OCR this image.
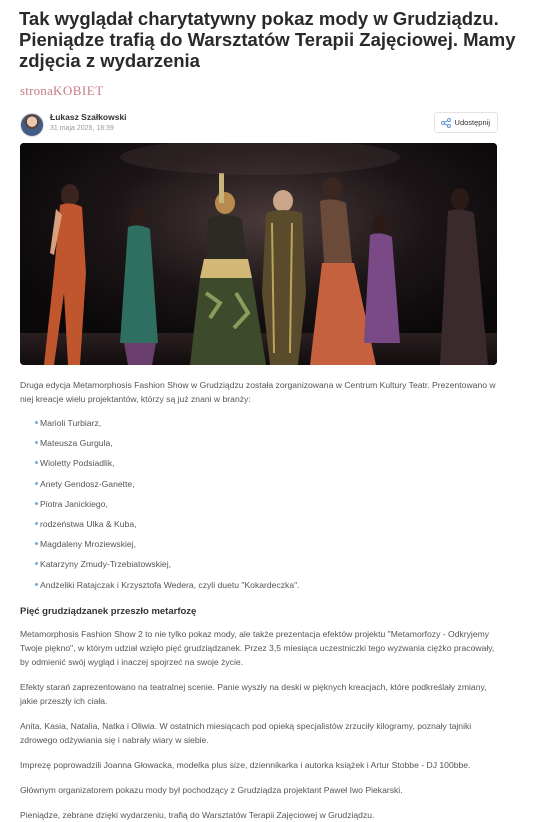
Tak wyglądał charytatywny pokaz mody w Grudziądzu. Pieniądze trafią do Warsztatów Terapii Zajęciowej. Mamy zdjęcia z wydarzenia
stronaKOBIET
Łukasz Szałkowski
31 maja 2025, 18:39
Udostępnij

Druga edycja Metamorphosis Fashion Show w Grudziądzu została zorganizowana w Centrum Kultury Teatr. Prezentowano w niej kreacje wielu projektantów, którzy są już znani w branży:

Marioli Turbiarz,
Mateusza Gurgula,
Wioletty Podsiadlik,
Anety Gendosz-Ganette,
Piotra Janickiego,
rodzeństwa Ulka & Kuba,
Magdaleny Mroziewskiej,
Katarzyny Zmudy-Trzebiatowskiej,
Andżeliki Ratajczak i Krzysztofa Wedera, czyli duetu "Kokardeczka".
Pięć grudziądzanek przeszło metarfozę

Metamorphosis Fashion Show 2 to nie tylko pokaz mody, ale także prezentacja efektów projektu "Metamorfozy - Odkryjemy Twoje piękno", w którym udział wzięło pięć grudziądzanek. Przez 3,5 miesiąca uczestniczki tego wyzwania ciężko pracowały, by odmienić swój wygląd i inaczej spojrzeć na swoje życie.

Efekty starań zaprezentowano na teatralnej scenie. Panie wyszły na deski w pięknych kreacjach, które podkreślały zmiany, jakie przeszły ich ciała.

Anita, Kasia, Natalia, Natka i Oliwia. W ostatnich miesiącach pod opieką specjalistów zrzuciły kilogramy, poznały tajniki zdrowego odżywiania się i nabrały wiary w siebie.

Imprezę poprowadzili Joanna Głowacka, modelka plus size, dziennikarka i autorka książek i Artur Stobbe - DJ 100bbe.

Głównym organizatorem pokazu mody był pochodzący z Grudziądza projektant Paweł Iwo Piekarski.

Pieniądze, zebrane dzięki wydarzeniu, trafią do Warsztatów Terapii Zajęciowej w Grudziądzu.
